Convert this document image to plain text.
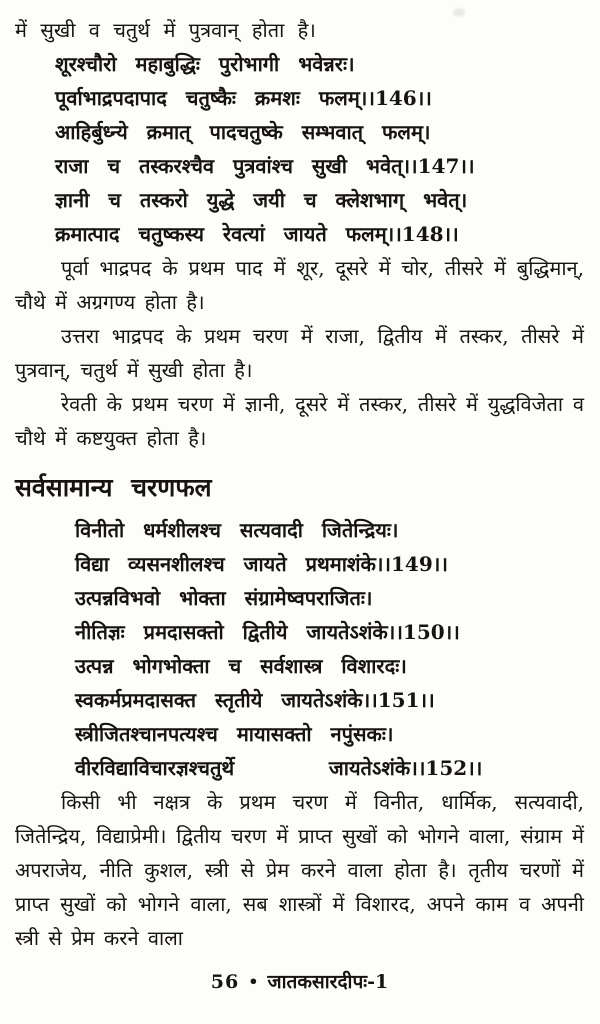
में सुखी व चतुर्थ में पुत्रवान् होता है।

शूरश्चौरो महाबुद्धिः पुरोभागी भवेन्नरः।

पूर्वाभाद्रपदापाद चतुष्कैः क्रमशः फलम्।।146।।

आहिर्बुध्न्ये क्रमात् पादचतुष्के सम्भवात् फलम्।

राजा च तस्करश्चैव पुत्रवांश्च सुखी भवेत्।।147।।

ज्ञानी च तस्करो युद्धे जयी च क्लेशभाग् भवेत्।

क्रमात्पाद चतुष्कस्य रेवत्यां जायते फलम्।।148।।

पूर्वा भाद्रपद के प्रथम पाद में शूर, दूसरे में चोर, तीसरे में बुद्धिमान्, चौथे में अग्रगण्य होता है।

उत्तरा भाद्रपद के प्रथम चरण में राजा, द्वितीय में तस्कर, तीसरे में पुत्रवान्, चतुर्थ में सुखी होता है।

रेवती के प्रथम चरण में ज्ञानी, दूसरे में तस्कर, तीसरे में युद्धविजेता व चौथे में कष्टयुक्त होता है।

सर्वसामान्य चरणफल

विनीतो धर्मशीलश्च सत्यवादी जितेन्द्रियः।

विद्या व्यसनशीलश्च जायते प्रथमाशंके।।149।।

उत्पन्नविभवो भोक्ता संग्रामेष्वपराजितः।

नीतिज्ञः प्रमदासक्तो द्वितीये जायतेऽशंके।।150।।

उत्पन्न भोगभोक्ता च सर्वशास्त्र विशारदः।

स्वकर्मप्रमदासक्त स्तृतीये जायतेऽशंके।।151।।

स्त्रीजितश्चानपत्यश्च मायासक्तो नपुंसकः।

वीरविद्याविचारज्ञश्चतुर्थे     जायतेऽशंके।।152।।

किसी भी नक्षत्र के प्रथम चरण में विनीत, धार्मिक, सत्यवादी, जितेन्द्रिय, विद्याप्रेमी। द्वितीय चरण में प्राप्त सुखों को भोगने वाला, संग्राम में अपराजेय, नीति कुशल, स्त्री से प्रेम करने वाला होता है। तृतीय चरणों में प्राप्त सुखों को भोगने वाला, सब शास्त्रों में विशारद, अपने काम व अपनी स्त्री से प्रेम करने वाला

56 • जातकसारदीपः-1
